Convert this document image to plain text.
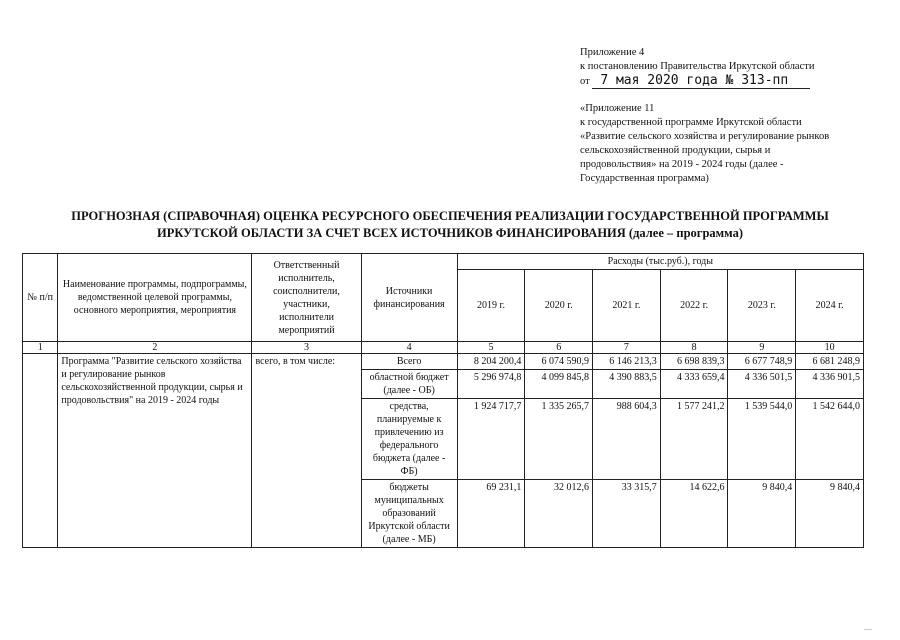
Приложение 4
к постановлению Правительства Иркутской области
от 7 мая 2020 года № 313-пп
«Приложение 11
к государственной программе Иркутской области
«Развитие сельского хозяйства и регулирование рынков
сельскохозяйственной продукции, сырья и
продовольствия» на 2019 - 2024 годы (далее -
Государственная программа)
ПРОГНОЗНАЯ (СПРАВОЧНАЯ) ОЦЕНКА РЕСУРСНОГО ОБЕСПЕЧЕНИЯ РЕАЛИЗАЦИИ ГОСУДАРСТВЕННОЙ ПРОГРАММЫ
ИРКУТСКОЙ ОБЛАСТИ ЗА СЧЕТ ВСЕХ ИСТОЧНИКОВ ФИНАНСИРОВАНИЯ (далее – программа)
№ п/п	Наименование программы, подпрограммы, ведомственной целевой программы, основного мероприятия, мероприятия	Ответственный исполнитель, соисполнители, участники, исполнители мероприятий	Источники финансирования	Расходы (тыс.руб.), годы					
				2019 г.	2020 г.	2021 г.	2022 г.	2023 г.	2024 г.
1	2	3	4	5	6	7	8	9	10
	Программа "Развитие сельского хозяйства и регулирование рынков сельскохозяйственной продукции, сырья и продовольствия" на 2019 - 2024 годы	всего, в том числе:	Всего	8 204 200,4	6 074 590,9	6 146 213,3	6 698 839,3	6 677 748,9	6 681 248,9
			областной бюджет (далее - ОБ)	5 296 974,8	4 099 845,8	4 390 883,5	4 333 659,4	4 336 501,5	4 336 901,5
			средства, планируемые к привлечению из федерального бюджета (далее - ФБ)	1 924 717,7	1 335 265,7	988 604,3	1 577 241,2	1 539 544,0	1 542 644,0
			бюджеты муниципальных образований Иркутской области (далее - МБ)	69 231,1	32 012,6	33 315,7	14 622,6	9 840,4	9 840,4
